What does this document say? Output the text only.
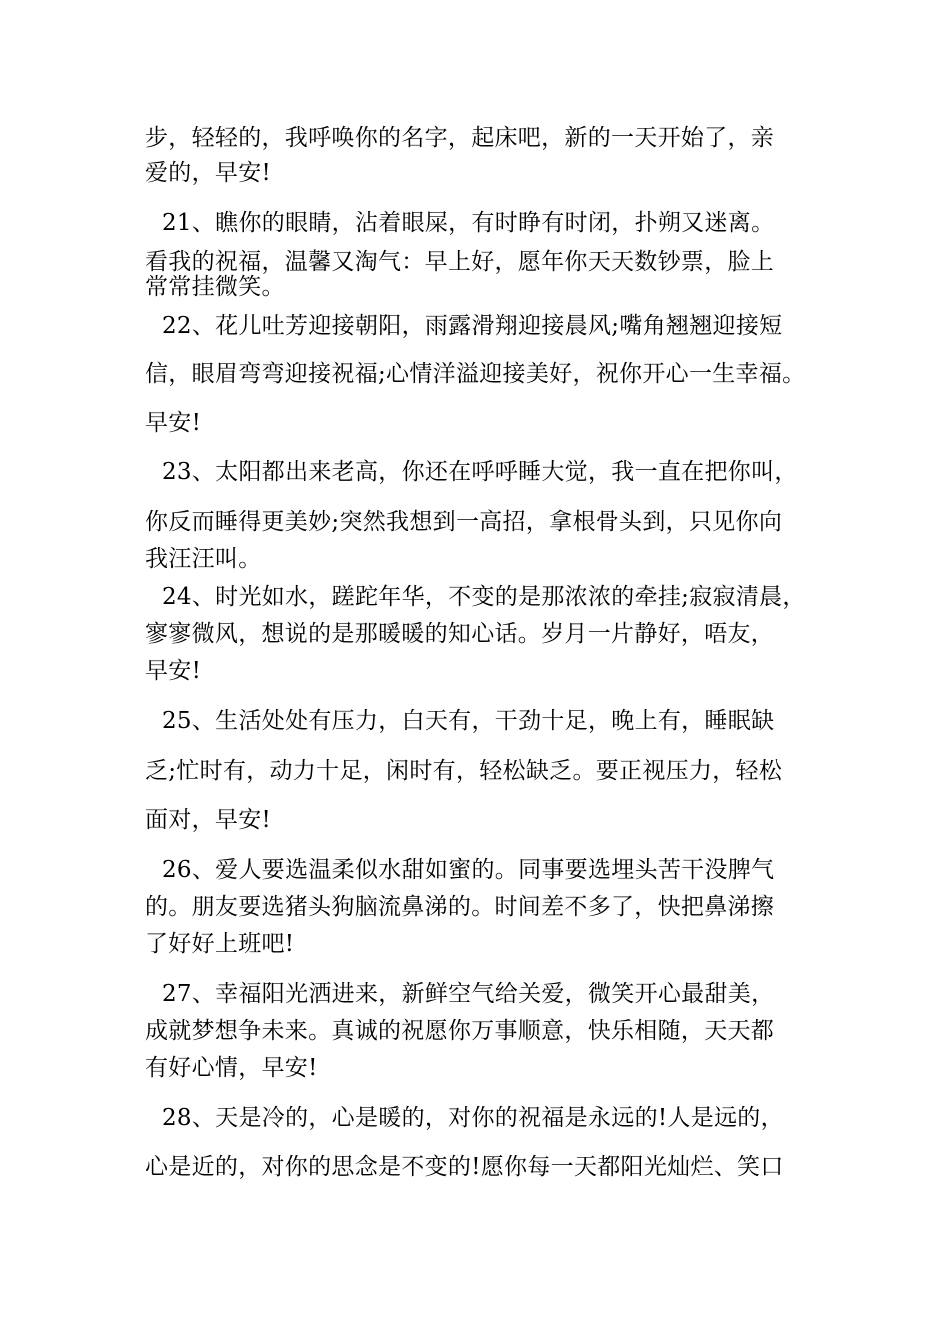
步，轻轻的，我呼唤你的名字，起床吧，新的一天开始了，亲
爱的，早安!
21、瞧你的眼睛，沾着眼屎，有时睁有时闭，扑朔又迷离。
看我的祝福，温馨又淘气：早上好，愿年你天天数钞票，脸上
常常挂微笑。
22、花儿吐芳迎接朝阳，雨露滑翔迎接晨风;嘴角翘翘迎接短
信，眼眉弯弯迎接祝福;心情洋溢迎接美好，祝你开心一生幸福。
早安!
23、太阳都出来老高，你还在呼呼睡大觉，我一直在把你叫，
你反而睡得更美妙;突然我想到一高招，拿根骨头到，只见你向
我汪汪叫。
24、时光如水，蹉跎年华，不变的是那浓浓的牵挂;寂寂清晨，
寥寥微风，想说的是那暖暖的知心话。岁月一片静好，唔友，
早安!
25、生活处处有压力，白天有，干劲十足，晚上有，睡眠缺
乏;忙时有，动力十足，闲时有，轻松缺乏。要正视压力，轻松
面对，早安!
26、爱人要选温柔似水甜如蜜的。同事要选埋头苦干没脾气
的。朋友要选猪头狗脑流鼻涕的。时间差不多了，快把鼻涕擦
了好好上班吧!
27、幸福阳光洒进来，新鲜空气给关爱，微笑开心最甜美，
成就梦想争未来。真诚的祝愿你万事顺意，快乐相随，天天都
有好心情，早安!
28、天是冷的，心是暖的，对你的祝福是永远的!人是远的，
心是近的，对你的思念是不变的!愿你每一天都阳光灿烂、笑口
